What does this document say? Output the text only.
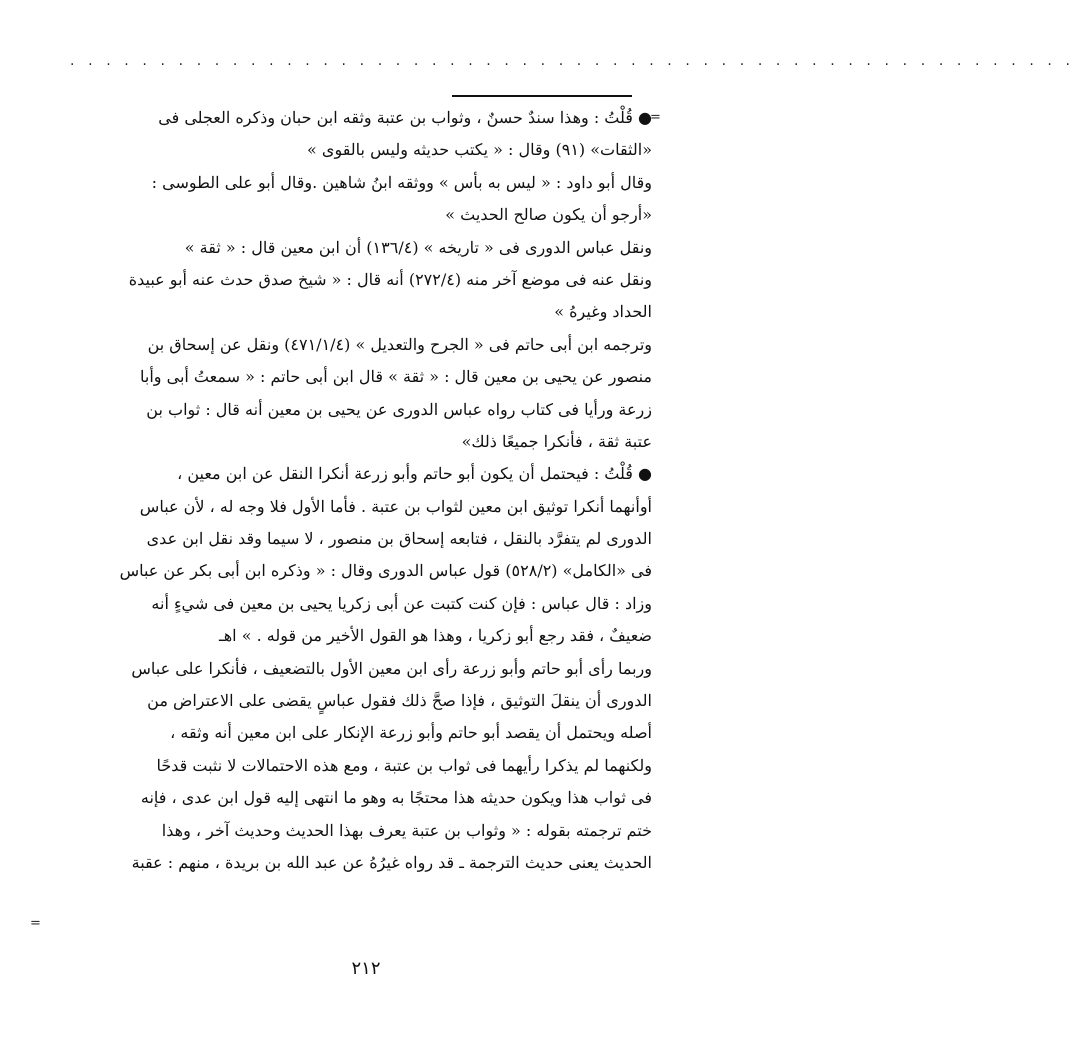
· · · · · · · · · · · · · · · · · · · · · · · · · · · · · · · · · · · · · · · · · · · · · · · · · · · · · · · ·
=
=
● قُلْتُ : وهذا سندٌ حسنٌ ، وثواب بن عتبة وثقه ابن حبان وذكره العجلى فى
«الثقات» (٩١) وقال : « يكتب حديثه وليس بالقوى »
وقال أبو داود : « ليس به بأس » ووثقه ابنُ شاهين .وقال أبو على الطوسى :
«أرجو أن يكون صالح الحديث »
ونقل عباس الدورى فى « تاريخه » (١٣٦/٤) أن ابن معين قال : « ثقة »
ونقل عنه فى موضع آخر منه (٢٧٢/٤) أنه قال : « شيخ صدق حدث عنه أبو عبيدة
الحداد وغيرهُ »
وترجمه ابن أبى حاتم فى « الجرح والتعديل » (٤٧١/١/٤) ونقل عن إسحاق بن
منصور عن يحيى بن معين قال : « ثقة » قال ابن أبى حاتم : « سمعتُ أبى وأبا
زرعة ورأيا فى كتاب رواه عباس الدورى عن يحيى بن معين أنه قال : ثواب بن
عتبة ثقة ، فأنكرا جميعًا ذلك»
● قُلْتُ : فيحتمل أن يكون أبو حاتم وأبو زرعة أنكرا النقل عن ابن معين ،
أوأنهما أنكرا توثيق ابن معين لثواب بن عتبة . فأما الأول فلا وجه له ، لأن عباس
الدورى لم يتفرَّد بالنقل ، فتابعه إسحاق بن منصور ، لا سيما وقد نقل ابن عدى
فى «الكامل» (٥٢٨/٢) قول عباس الدورى وقال : « وذكره ابن أبى بكر عن عباس
وزاد : قال عباس : فإن كنت كتبت عن أبى زكريا يحيى بن معين فى شيءٍ أنه
ضعيفٌ ، فقد رجع أبو زكريا ، وهذا هو القول الأخير من قوله . » اهـ
وربما رأى أبو حاتم وأبو زرعة رأى ابن معين الأول بالتضعيف ، فأنكرا على عباس
الدورى أن ينقلَ التوثيق ، فإذا صحَّ ذلك فقول عباسٍ يقضى على الاعتراض من
أصله ويحتمل أن يقصد أبو حاتم وأبو زرعة الإنكار على ابن معين أنه وثقه ،
ولكنهما لم يذكرا رأيهما فى ثواب بن عتبة ، ومع هذه الاحتمالات لا نثبت قدحًا
فى ثواب هذا ويكون حديثه هذا محتجًا به وهو ما انتهى إليه قول ابن عدى ، فإنه
ختم ترجمته بقوله : « وثواب بن عتبة يعرف بهذا الحديث وحديث آخر ، وهذا
الحديث يعنى حديث الترجمة ـ قد رواه غيرُهُ عن عبد الله بن بريدة ، منهم : عقبة
٢١٢
